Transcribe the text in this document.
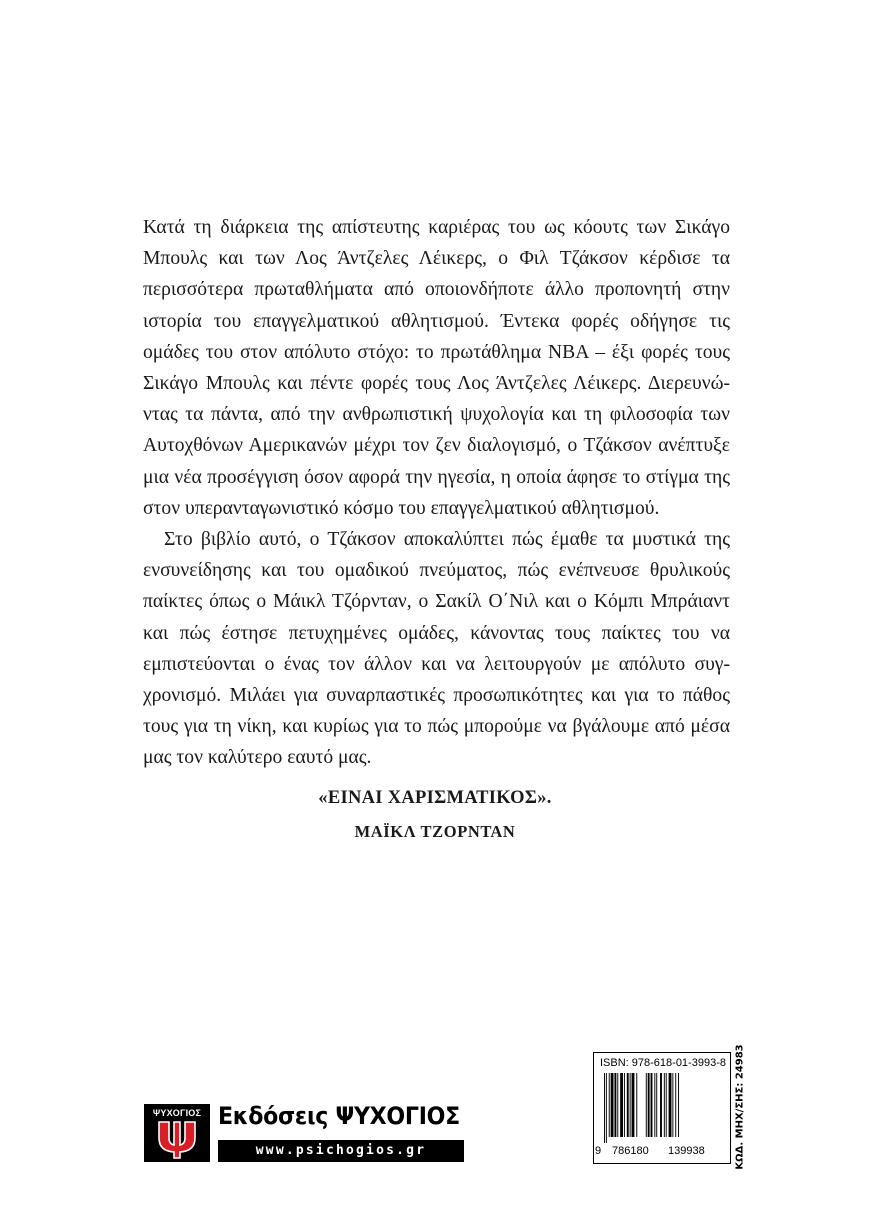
Κατά τη διάρκεια της απίστευτης καριέρας του ως κόουτς των Σικάγο Μπουλς και των Λος Άντζελες Λέικερς, ο Φιλ Τζάκσον κέρδισε τα περισσότερα πρωταθλήματα από οποιονδήποτε άλλο προπονητή στην ιστορία του επαγγελματικού αθλητισμού. Έντεκα φορές οδήγησε τις ομάδες του στον απόλυτο στόχο: το πρωτάθλημα NBA – έξι φορές τους Σικάγο Μπουλς και πέντε φορές τους Λος Άντζελες Λέικερς. Διερευνώντας τα πάντα, από την ανθρωπιστική ψυχολογία και τη φιλοσοφία των Αυτοχθόνων Αμερικανών μέχρι τον ζεν διαλογισμό, ο Τζάκσον ανέπτυξε μια νέα προσέγγιση όσον αφορά την ηγεσία, η οποία άφησε το στίγμα της στον υπερανταγωνιστικό κόσμο του επαγγελματικού αθλητισμού.

Στο βιβλίο αυτό, ο Τζάκσον αποκαλύπτει πώς έμαθε τα μυστικά της ενσυνείδησης και του ομαδικού πνεύματος, πώς ενέπνευσε θρυλικούς παίκτες όπως ο Μάικλ Τζόρνταν, ο Σακίλ Ο΄Νιλ και ο Κόμπι Μπράιαντ και πώς έστησε πετυχημένες ομάδες, κάνοντας τους παίκτες του να εμπιστεύονται ο ένας τον άλλον και να λειτουργούν με απόλυτο συγχρονισμό. Μιλάει για συναρπαστικές προσωπικότητες και για το πάθος τους για τη νίκη, και κυρίως για το πώς μπορούμε να βγάλουμε από μέσα μας τον καλύτερο εαυτό μας.

«ΕΙΝΑΙ ΧΑΡΙΣΜΑΤΙΚΟΣ».
ΜΑΪΚΛ ΤΖΟΡΝΤΑΝ
ΨΥΧΟΓΙΟΣ Εκδόσεις ΨΥΧΟΓΙΟΣ
www.psichogios.gr
ISBN: 978-618-01-3993-8
9 786180 139938	ΚΩΔ. ΜΗΧ/ΣΗΣ: 24983
